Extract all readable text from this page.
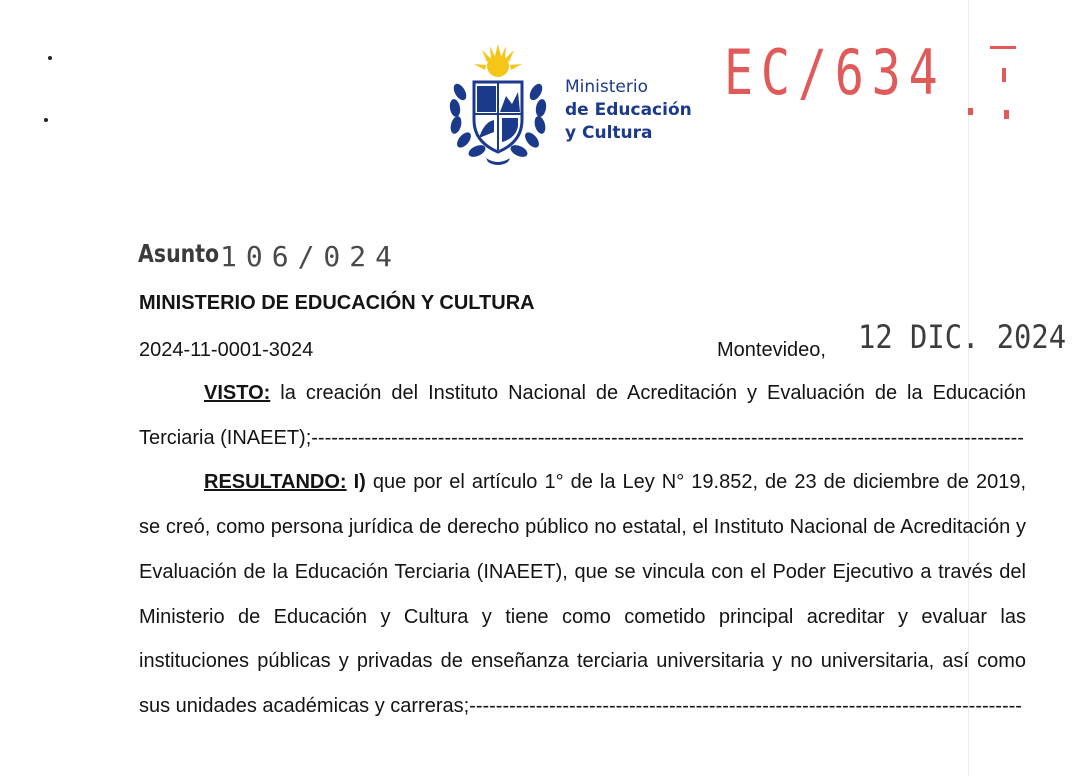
Ministerio
de Educación
y Cultura
EC/634
Asunto 106/024
MINISTERIO DE EDUCACIÓN Y CULTURA
2024-11-0001-3024	Montevideo, 12 DIC. 2024

VISTO: la creación del Instituto Nacional de Acreditación y Evaluación de la Educación Terciaria (INAEET);-----------------------------------------------------------------------------------------------------------

RESULTANDO: I) que por el artículo 1° de la Ley N° 19.852, de 23 de diciembre de 2019, se creó, como persona jurídica de derecho público no estatal, el Instituto Nacional de Acreditación y Evaluación de la Educación Terciaria (INAEET), que se vincula con el Poder Ejecutivo a través del Ministerio de Educación y Cultura y tiene como cometido principal acreditar y evaluar las instituciones públicas y privadas de enseñanza terciaria universitaria y no universitaria, así como sus unidades académicas y carreras;-----------------------------------------------------------------------------------
